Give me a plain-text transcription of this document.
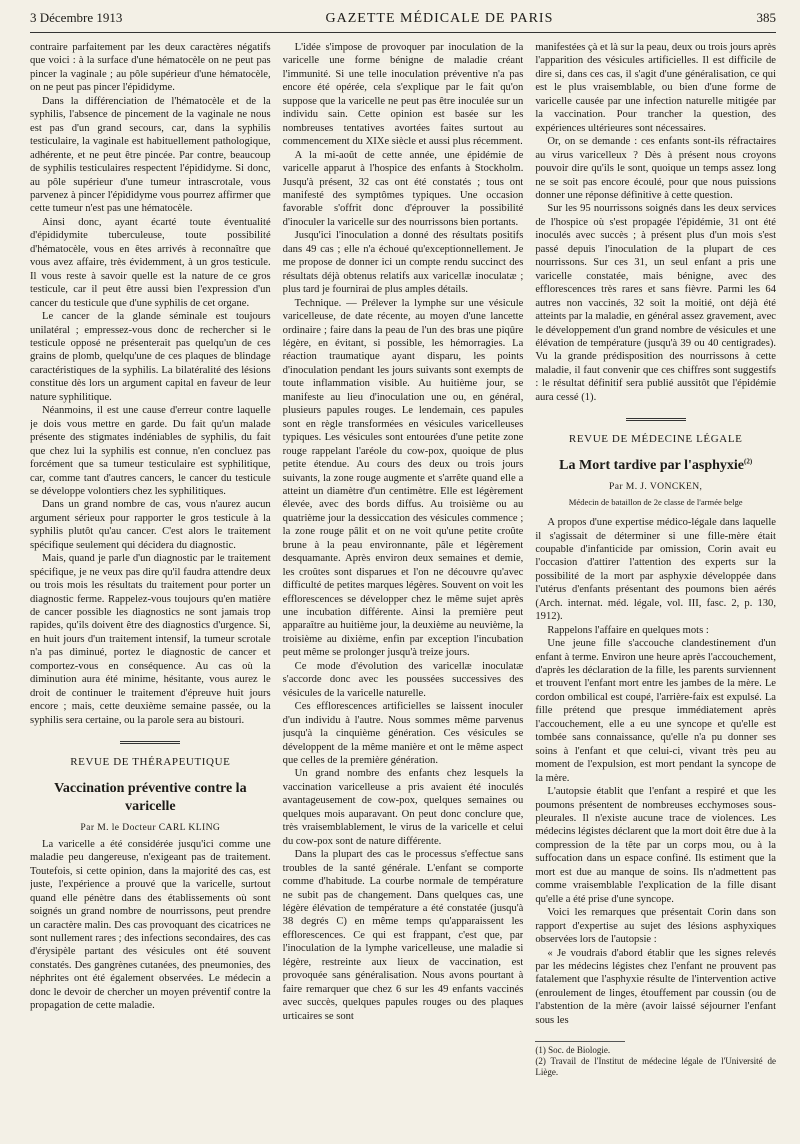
3 Décembre 1913	GAZETTE MÉDICALE DE PARIS	385

contraire parfaitement par les deux caractères négatifs que voici : à la surface d'une hématocèle on ne peut pas pincer la vaginale ; au pôle supérieur d'une hématocèle, on ne peut pas pincer l'épididyme.

Dans la différenciation de l'hématocèle et de la syphilis, l'absence de pincement de la vaginale ne nous est pas d'un grand secours, car, dans la syphilis testiculaire, la vaginale est habituellement pathologique, adhérente, et ne peut être pincée. Par contre, beaucoup de syphilis testiculaires respectent l'épididyme. Si donc, au pôle supérieur d'une tumeur intrascrotale, vous parvenez à pincer l'épididyme vous pourrez affirmer que cette tumeur n'est pas une hématocèle.

Ainsi donc, ayant écarté toute éventualité d'épididymite tuberculeuse, toute possibilité d'hématocèle, vous en êtes arrivés à reconnaître que vous avez affaire, très évidemment, à un gros testicule. Il vous reste à savoir quelle est la nature de ce gros testicule, car il peut être aussi bien l'expression d'un cancer du testicule que d'une syphilis de cet organe.

Le cancer de la glande séminale est toujours unilatéral ; empressez-vous donc de rechercher si le testicule opposé ne présenterait pas quelqu'un de ces grains de plomb, quelqu'une de ces plaques de blindage caractéristiques de la syphilis. La bilatéralité des lésions constitue dès lors un argument capital en faveur de leur nature syphilitique.

Néanmoins, il est une cause d'erreur contre laquelle je dois vous mettre en garde. Du fait qu'un malade présente des stigmates indéniables de syphilis, du fait que chez lui la syphilis est connue, n'en concluez pas forcément que sa tumeur testiculaire est syphilitique, car, comme tant d'autres cancers, le cancer du testicule se développe volontiers chez les syphilitiques.

Dans un grand nombre de cas, vous n'aurez aucun argument sérieux pour rapporter le gros testicule à la syphilis plutôt qu'au cancer. C'est alors le traitement spécifique seulement qui décidera du diagnostic.

Mais, quand je parle d'un diagnostic par le traitement spécifique, je ne veux pas dire qu'il faudra attendre deux ou trois mois les résultats du traitement pour porter un diagnostic ferme. Rappelez-vous toujours qu'en matière de cancer possible les diagnostics ne sont jamais trop rapides, qu'ils doivent être des diagnostics d'urgence. Si, en huit jours d'un traitement intensif, la tumeur scrotale n'a pas diminué, portez le diagnostic de cancer et comportez-vous en conséquence. Au cas où la diminution aura été minime, hésitante, vous aurez le droit de continuer le traitement d'épreuve huit jours encore ; mais, cette deuxième semaine passée, ou la syphilis sera certaine, ou la parole sera au bistouri.

REVUE DE THÉRAPEUTIQUE
Vaccination préventive contre la varicelle
Par M. le Docteur CARL KLING

La varicelle a été considérée jusqu'ici comme une maladie peu dangereuse, n'exigeant pas de traitement. Toutefois, si cette opinion, dans la majorité des cas, est juste, l'expérience a prouvé que la varicelle, surtout quand elle pénètre dans des établissements où sont soignés un grand nombre de nourrissons, peut prendre un caractère malin. Des cas provoquant des cicatrices ne sont nullement rares ; des infections secondaires, des cas d'érysipèle partant des vésicules ont été souvent constatés. Des gangrènes cutanées, des pneumonies, des néphrites ont été également observées. Le médecin a donc le devoir de chercher un moyen préventif contre la propagation de cette maladie.

L'idée s'impose de provoquer par inoculation de la varicelle une forme bénigne de maladie créant l'immunité. Si une telle inoculation préventive n'a pas encore été opérée, cela s'explique par le fait qu'on suppose que la varicelle ne peut pas être inoculée sur un individu sain. Cette opinion est basée sur les nombreuses tentatives avortées faites surtout au commencement du XIXe siècle et aussi plus récemment.

A la mi-août de cette année, une épidémie de varicelle apparut à l'hospice des enfants à Stockholm. Jusqu'à présent, 32 cas ont été constatés ; tous ont manifesté des symptômes typiques. Une occasion favorable s'offrit donc d'éprouver la possibilité d'inoculer la varicelle sur des nourrissons bien portants.

Jusqu'ici l'inoculation a donné des résultats positifs dans 49 cas ; elle n'a échoué qu'exceptionnellement. Je me propose de donner ici un compte rendu succinct des résultats déjà obtenus relatifs aux varicellæ inoculatæ ; plus tard je fournirai de plus amples détails.

Technique. — Prélever la lymphe sur une vésicule varicelleuse, de date récente, au moyen d'une lancette ordinaire ; faire dans la peau de l'un des bras une piqûre légère, en évitant, si possible, les hémorragies. La réaction traumatique ayant disparu, les points d'inoculation pendant les jours suivants sont exempts de toute inflammation visible. Au huitième jour, se manifeste au lieu d'inoculation une ou, en général, plusieurs papules rouges. Le lendemain, ces papules sont en règle transformées en vésicules varicelleuses typiques. Les vésicules sont entourées d'une petite zone rouge rappelant l'aréole du cow-pox, quoique de plus petite étendue. Au cours des deux ou trois jours suivants, la zone rouge augmente et s'arrête quand elle a atteint un diamètre d'un centimètre. Elle est légèrement élevée, avec des bords diffus. Au troisième ou au quatrième jour la dessiccation des vésicules commence ; la zone rouge pâlit et on ne voit qu'une petite croûte brune à la peau environnante, pâle et légèrement desquamante. Après environ deux semaines et demie, les croûtes sont disparues et l'on ne découvre qu'avec difficulté de petites marques légères. Souvent on voit les efflorescences se développer chez le même sujet après une incubation différente. Ainsi la première peut apparaître au huitième jour, la deuxième au neuvième, la troisième au dixième, enfin par exception l'incubation peut même se prolonger jusqu'à treize jours.

Ce mode d'évolution des varicellæ inoculatæ s'accorde donc avec les poussées successives des vésicules de la varicelle naturelle.

Ces efflorescences artificielles se laissent inoculer d'un individu à l'autre. Nous sommes même parvenus jusqu'à la cinquième génération. Ces vésicules se développent de la même manière et ont le même aspect que celles de la première génération.

Un grand nombre des enfants chez lesquels la vaccination varicelleuse a pris avaient été inoculés avantageusement de cow-pox, quelques semaines ou quelques mois auparavant. On peut donc conclure que, très vraisemblablement, le virus de la varicelle et celui du cow-pox sont de nature différente.

Dans la plupart des cas le processus s'effectue sans troubles de la santé générale. L'enfant se comporte comme d'habitude. La courbe normale de température ne subit pas de changement. Dans quelques cas, une légère élévation de température a été constatée (jusqu'à 38 degrés C) en même temps qu'apparaissent les efflorescences. Ce qui est frappant, c'est que, par l'inoculation de la lymphe varicelleuse, une maladie si légère, restreinte aux lieux de vaccination, est provoquée sans généralisation. Nous avons pourtant à faire remarquer que chez 6 sur les 49 enfants vaccinés avec succès, quelques papules rouges ou des plaques urticaires se sont

manifestées çà et là sur la peau, deux ou trois jours après l'apparition des vésicules artificielles. Il est difficile de dire si, dans ces cas, il s'agit d'une généralisation, ce qui est le plus vraisemblable, ou bien d'une forme de varicelle causée par une infection naturelle mitigée par la vaccination. Pour trancher la question, des expériences ultérieures sont nécessaires.

Or, on se demande : ces enfants sont-ils réfractaires au virus varicelleux ? Dès à présent nous croyons pouvoir dire qu'ils le sont, quoique un temps assez long ne se soit pas encore écoulé, pour que nous puissions donner une réponse définitive à cette question.

Sur les 95 nourrissons soignés dans les deux services de l'hospice où s'est propagée l'épidémie, 31 ont été inoculés avec succès ; à présent plus d'un mois s'est passé depuis l'inoculation de la plupart de ces nourrissons. Sur ces 31, un seul enfant a pris une varicelle constatée, mais bénigne, avec des efflorescences très rares et sans fièvre. Parmi les 64 autres non vaccinés, 32 soit la moitié, ont déjà été atteints par la maladie, en général assez gravement, avec le développement d'un grand nombre de vésicules et une élévation de température (jusqu'à 39 ou 40 centigrades). Vu la grande prédisposition des nourrissons à cette maladie, il faut convenir que ces chiffres sont suggestifs : le résultat définitif sera publié aussitôt que l'épidémie aura cessé (1).

REVUE DE MÉDECINE LÉGALE
La Mort tardive par l'asphyxie$^{(2)}$
Par M. J. VONCKEN,
Médecin de bataillon de 2e classe de l'armée belge

A propos d'une expertise médico-légale dans laquelle il s'agissait de déterminer si une fille-mère était coupable d'infanticide par omission, Corin avait eu l'occasion d'attirer l'attention des experts sur la possibilité de la mort par asphyxie développée dans l'utérus d'enfants présentant des poumons bien aérés (Arch. internat. méd. légale, vol. III, fasc. 2, p. 130, 1912).

Rappelons l'affaire en quelques mots :

Une jeune fille s'accouche clandestinement d'un enfant à terme. Environ une heure après l'accouchement, d'après les déclaration de la fille, les parents surviennent et trouvent l'enfant mort entre les jambes de la mère. Le cordon ombilical est coupé, l'arrière-faix est expulsé. La fille prétend que presque immédiatement après l'accouchement, elle a eu une syncope et qu'elle est tombée sans connaissance, qu'elle n'a pu donner ses soins à l'enfant et que celui-ci, vivant très peu au moment de l'expulsion, est mort pendant la syncope de la mère.

L'autopsie établit que l'enfant a respiré et que les poumons présentent de nombreuses ecchymoses sous-pleurales. Il n'existe aucune trace de violences. Les médecins légistes déclarent que la mort doit être due à la compression de la tête par un corps mou, ou à la suffocation dans un espace confiné. Ils estiment que la mort est due au manque de soins. Ils n'admettent pas comme vraisemblable l'explication de la fille disant qu'elle a été prise d'une syncope.

Voici les remarques que présentait Corin dans son rapport d'expertise au sujet des lésions asphyxiques observées lors de l'autopsie :

« Je voudrais d'abord établir que les signes relevés par les médecins légistes chez l'enfant ne prouvent pas fatalement que l'asphyxie résulte de l'intervention active (enroulement de linges, étouffement par coussin (ou de l'abstention de la mère (avoir laissé séjourner l'enfant sous les

(1) Soc. de Biologie.

(2) Travail de l'Institut de médecine légale de l'Université de Liège.
